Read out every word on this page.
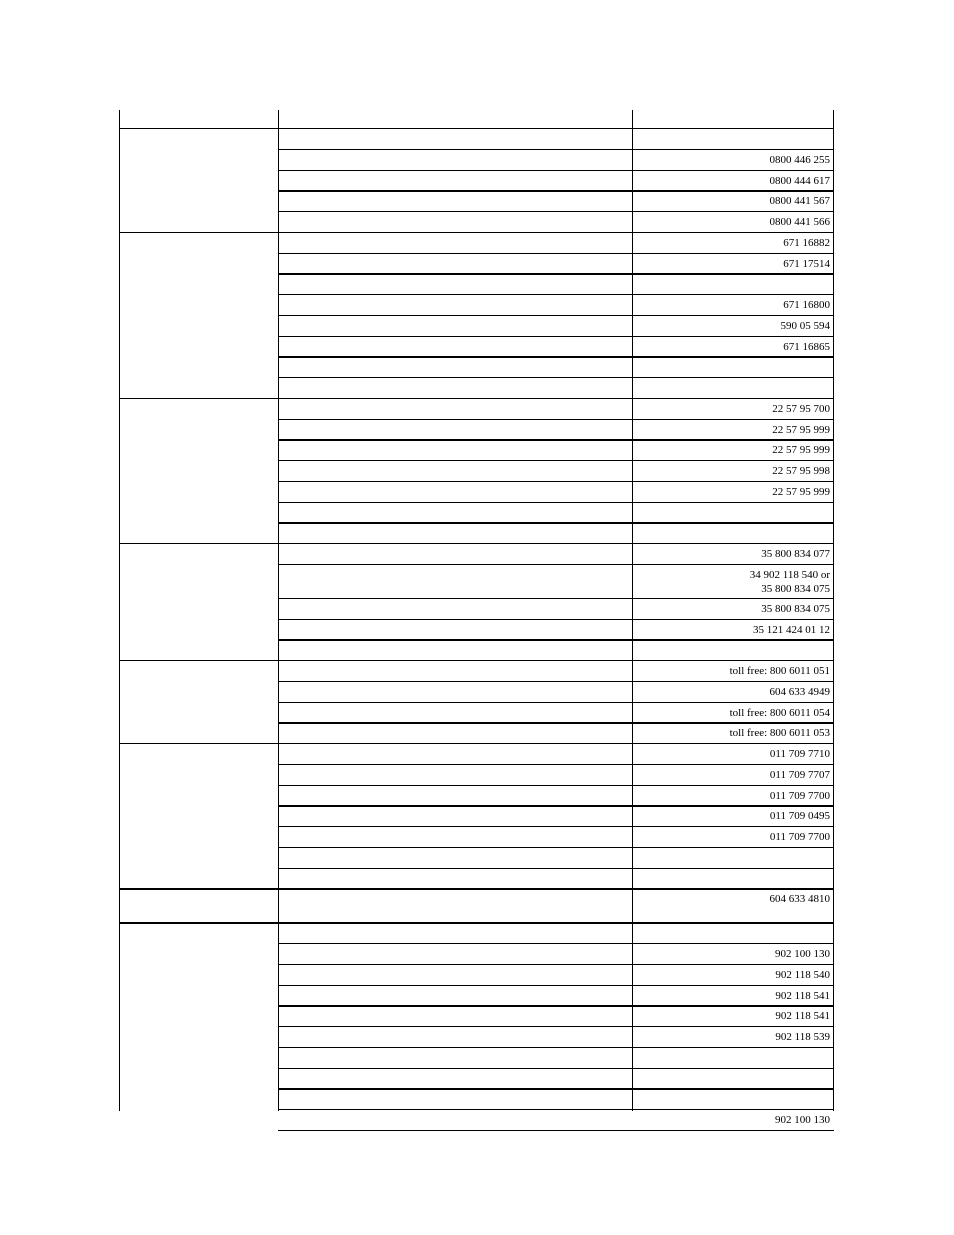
0800 446 255
0800 444 617
0800 441 567
0800 441 566
671 16882
671 17514
671 16800
590 05 594
671 16865
22 57 95 700
22 57 95 999
22 57 95 999
22 57 95 998
22 57 95 999
35 800 834 077
34 902 118 540 or
35 800 834 075
35 800 834 075
35 121 424 01 12
toll free: 800 6011 051
604 633 4949
toll free: 800 6011 054
toll free: 800 6011 053
011 709 7710
011 709 7707
011 709 7700
011 709 0495
011 709 7700
604 633 4810
902 100 130
902 118 540
902 118 541
902 118 541
902 118 539
902 100 130
